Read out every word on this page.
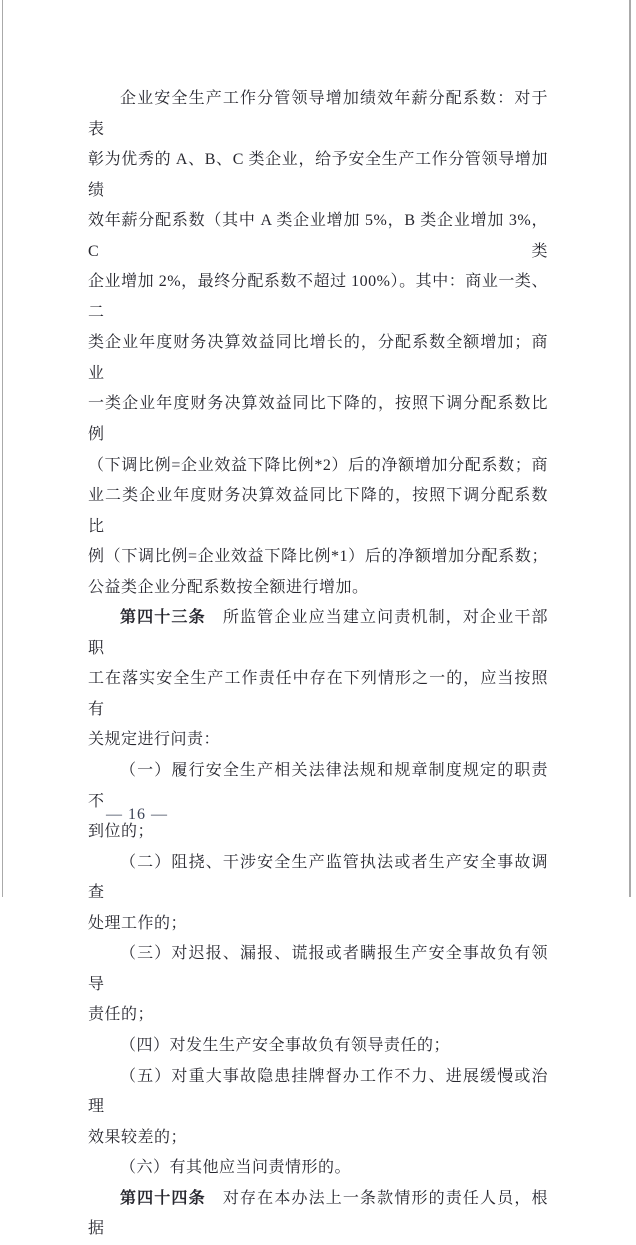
企业安全生产工作分管领导增加绩效年薪分配系数：对于表
彰为优秀的 A、B、C 类企业，给予安全生产工作分管领导增加绩
效年薪分配系数（其中 A 类企业增加 5%，B 类企业增加 3%，C 类
企业增加 2%，最终分配系数不超过 100%）。其中：商业一类、二
类企业年度财务决算效益同比增长的，分配系数全额增加；商业
一类企业年度财务决算效益同比下降的，按照下调分配系数比例
（下调比例=企业效益下降比例*2）后的净额增加分配系数；商
业二类企业年度财务决算效益同比下降的，按照下调分配系数比
例（下调比例=企业效益下降比例*1）后的净额增加分配系数；
公益类企业分配系数按全额进行增加。
第四十三条　所监管企业应当建立问责机制，对企业干部职
工在落实安全生产工作责任中存在下列情形之一的，应当按照有
关规定进行问责：
（一）履行安全生产相关法律法规和规章制度规定的职责不
到位的；
（二）阻挠、干涉安全生产监管执法或者生产安全事故调查
处理工作的；
（三）对迟报、漏报、谎报或者瞒报生产安全事故负有领导
责任的；
（四）对发生生产安全事故负有领导责任的；
（五）对重大事故隐患挂牌督办工作不力、进展缓慢或治理
效果较差的；
（六）有其他应当问责情形的。
第四十四条　对存在本办法上一条款情形的责任人员，根据
— 16 —
